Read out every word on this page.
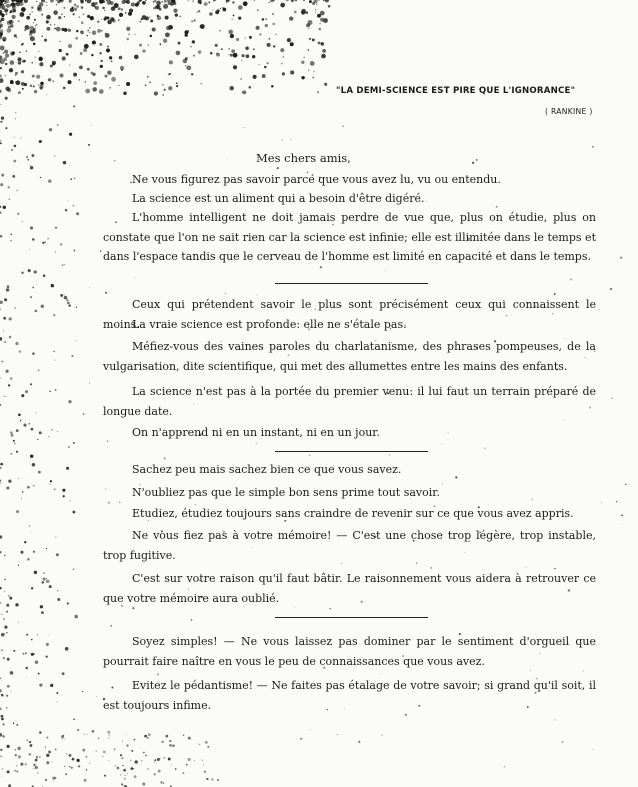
"LA DEMI-SCIENCE EST PIRE QUE L'IGNORANCE"
( RANKINE )
Mes chers amis,

Ne vous figurez pas savoir parce que vous avez lu, vu ou entendu.

La science est un aliment qui a besoin d'être digéré.

L'homme intelligent ne doit jamais perdre de vue que, plus on étudie, plus on constate que l'on ne sait rien car la science est infinie; elle est illimitée dans le temps et dans l'espace tandis que le cerveau de l'homme est limité en capacité et dans le temps.

Ceux qui prétendent savoir le plus sont précisément ceux qui connaissent le moins.

La vraie science est profonde: elle ne s'étale pas.

Méfiez-vous des vaines paroles du charlatanisme, des phrases pompeuses, de la vulgarisation, dite scientifique, qui met des allumettes entre les mains des enfants.

La science n'est pas à la portée du premier venu: il lui faut un terrain préparé de longue date.

On n'apprend ni en un instant, ni en un jour.

Sachez peu mais sachez bien ce que vous savez.

N'oubliez pas que le simple bon sens prime tout savoir.

Etudiez, étudiez toujours sans craindre de revenir sur ce que vous avez appris.

Ne vous fiez pas à votre mémoire! — C'est une chose trop légère, trop instable, trop fugitive.

C'est sur votre raison qu'il faut bâtir. Le raisonnement vous aidera à retrouver ce que votre mémoire aura oublié.

Soyez simples! — Ne vous laissez pas dominer par le sentiment d'orgueil que pourrait faire naître en vous le peu de connaissances que vous avez.

Evitez le pédantisme! — Ne faites pas étalage de votre savoir; si grand qu'il soit, il est toujours infime.
